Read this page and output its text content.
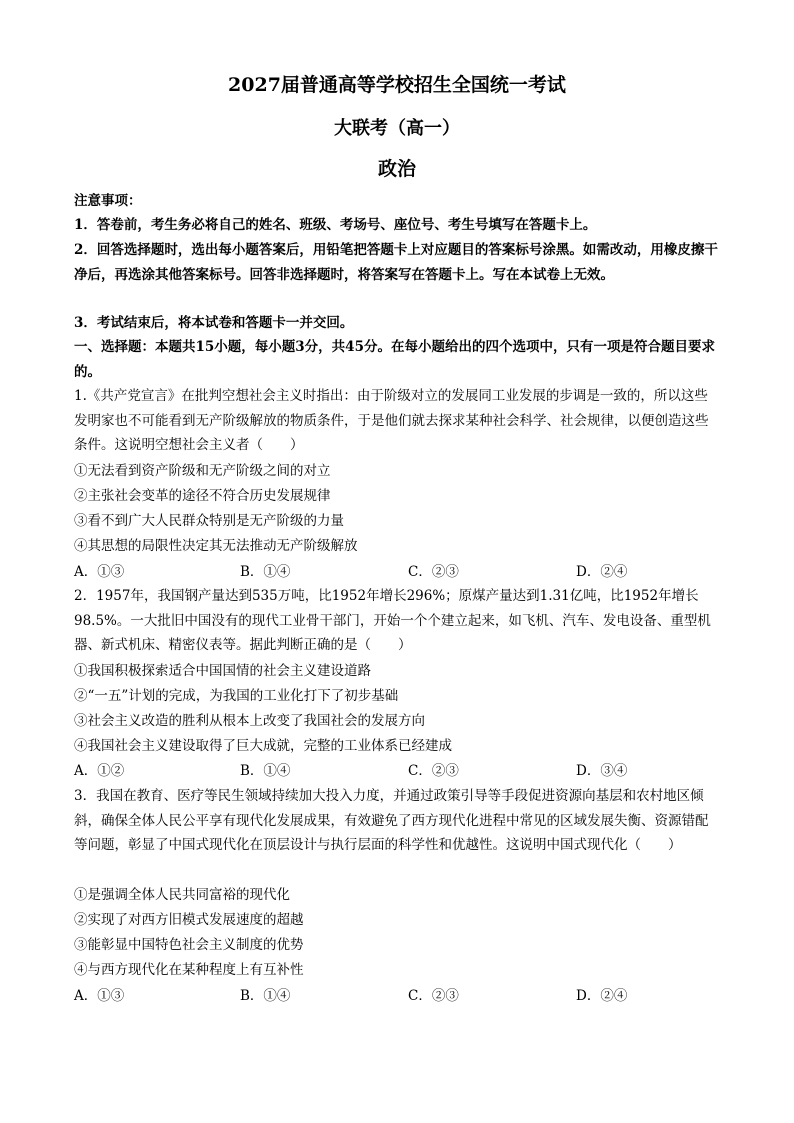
2027届普通高等学校招生全国统一考试
大联考（高一）
政治

注意事项：

1．答卷前，考生务必将自己的姓名、班级、考场号、座位号、考生号填写在答题卡上。

2．回答选择题时，选出每小题答案后，用铅笔把答题卡上对应题目的答案标号涂黑。如需改动，用橡皮擦干净后，再选涂其他答案标号。回答非选择题时，将答案写在答题卡上。写在本试卷上无效。

3．考试结束后，将本试卷和答题卡一并交回。

一、选择题：本题共15小题，每小题3分，共45分。在每小题给出的四个选项中，只有一项是符合题目要求的。

1.《共产党宣言》在批判空想社会主义时指出：由于阶级对立的发展同工业发展的步调是一致的，所以这些发明家也不可能看到无产阶级解放的物质条件，于是他们就去探求某种社会科学、社会规律，以便创造这些条件。这说明空想社会主义者（　　）

①无法看到资产阶级和无产阶级之间的对立

②主张社会变革的途径不符合历史发展规律

③看不到广大人民群众特别是无产阶级的力量

④其思想的局限性决定其无法推动无产阶级解放

A．①③	B．①④	C．②③	D．②④

2．1957年，我国钢产量达到535万吨，比1952年增长296%；原煤产量达到1.31亿吨，比1952年增长98.5%。一大批旧中国没有的现代工业骨干部门，开始一个个建立起来，如飞机、汽车、发电设备、重型机器、新式机床、精密仪表等。据此判断正确的是（　　）

①我国积极探索适合中国国情的社会主义建设道路

②“一五”计划的完成，为我国的工业化打下了初步基础

③社会主义改造的胜利从根本上改变了我国社会的发展方向

④我国社会主义建设取得了巨大成就，完整的工业体系已经建成

A．①②	B．①④	C．②③	D．③④

3．我国在教育、医疗等民生领域持续加大投入力度，并通过政策引导等手段促进资源向基层和农村地区倾斜，确保全体人民公平享有现代化发展成果，有效避免了西方现代化进程中常见的区域发展失衡、资源错配等问题，彰显了中国式现代化在顶层设计与执行层面的科学性和优越性。这说明中国式现代化（　　）

①是强调全体人民共同富裕的现代化

②实现了对西方旧模式发展速度的超越

③能彰显中国特色社会主义制度的优势

④与西方现代化在某种程度上有互补性

A．①③	B．①④	C．②③	D．②④
